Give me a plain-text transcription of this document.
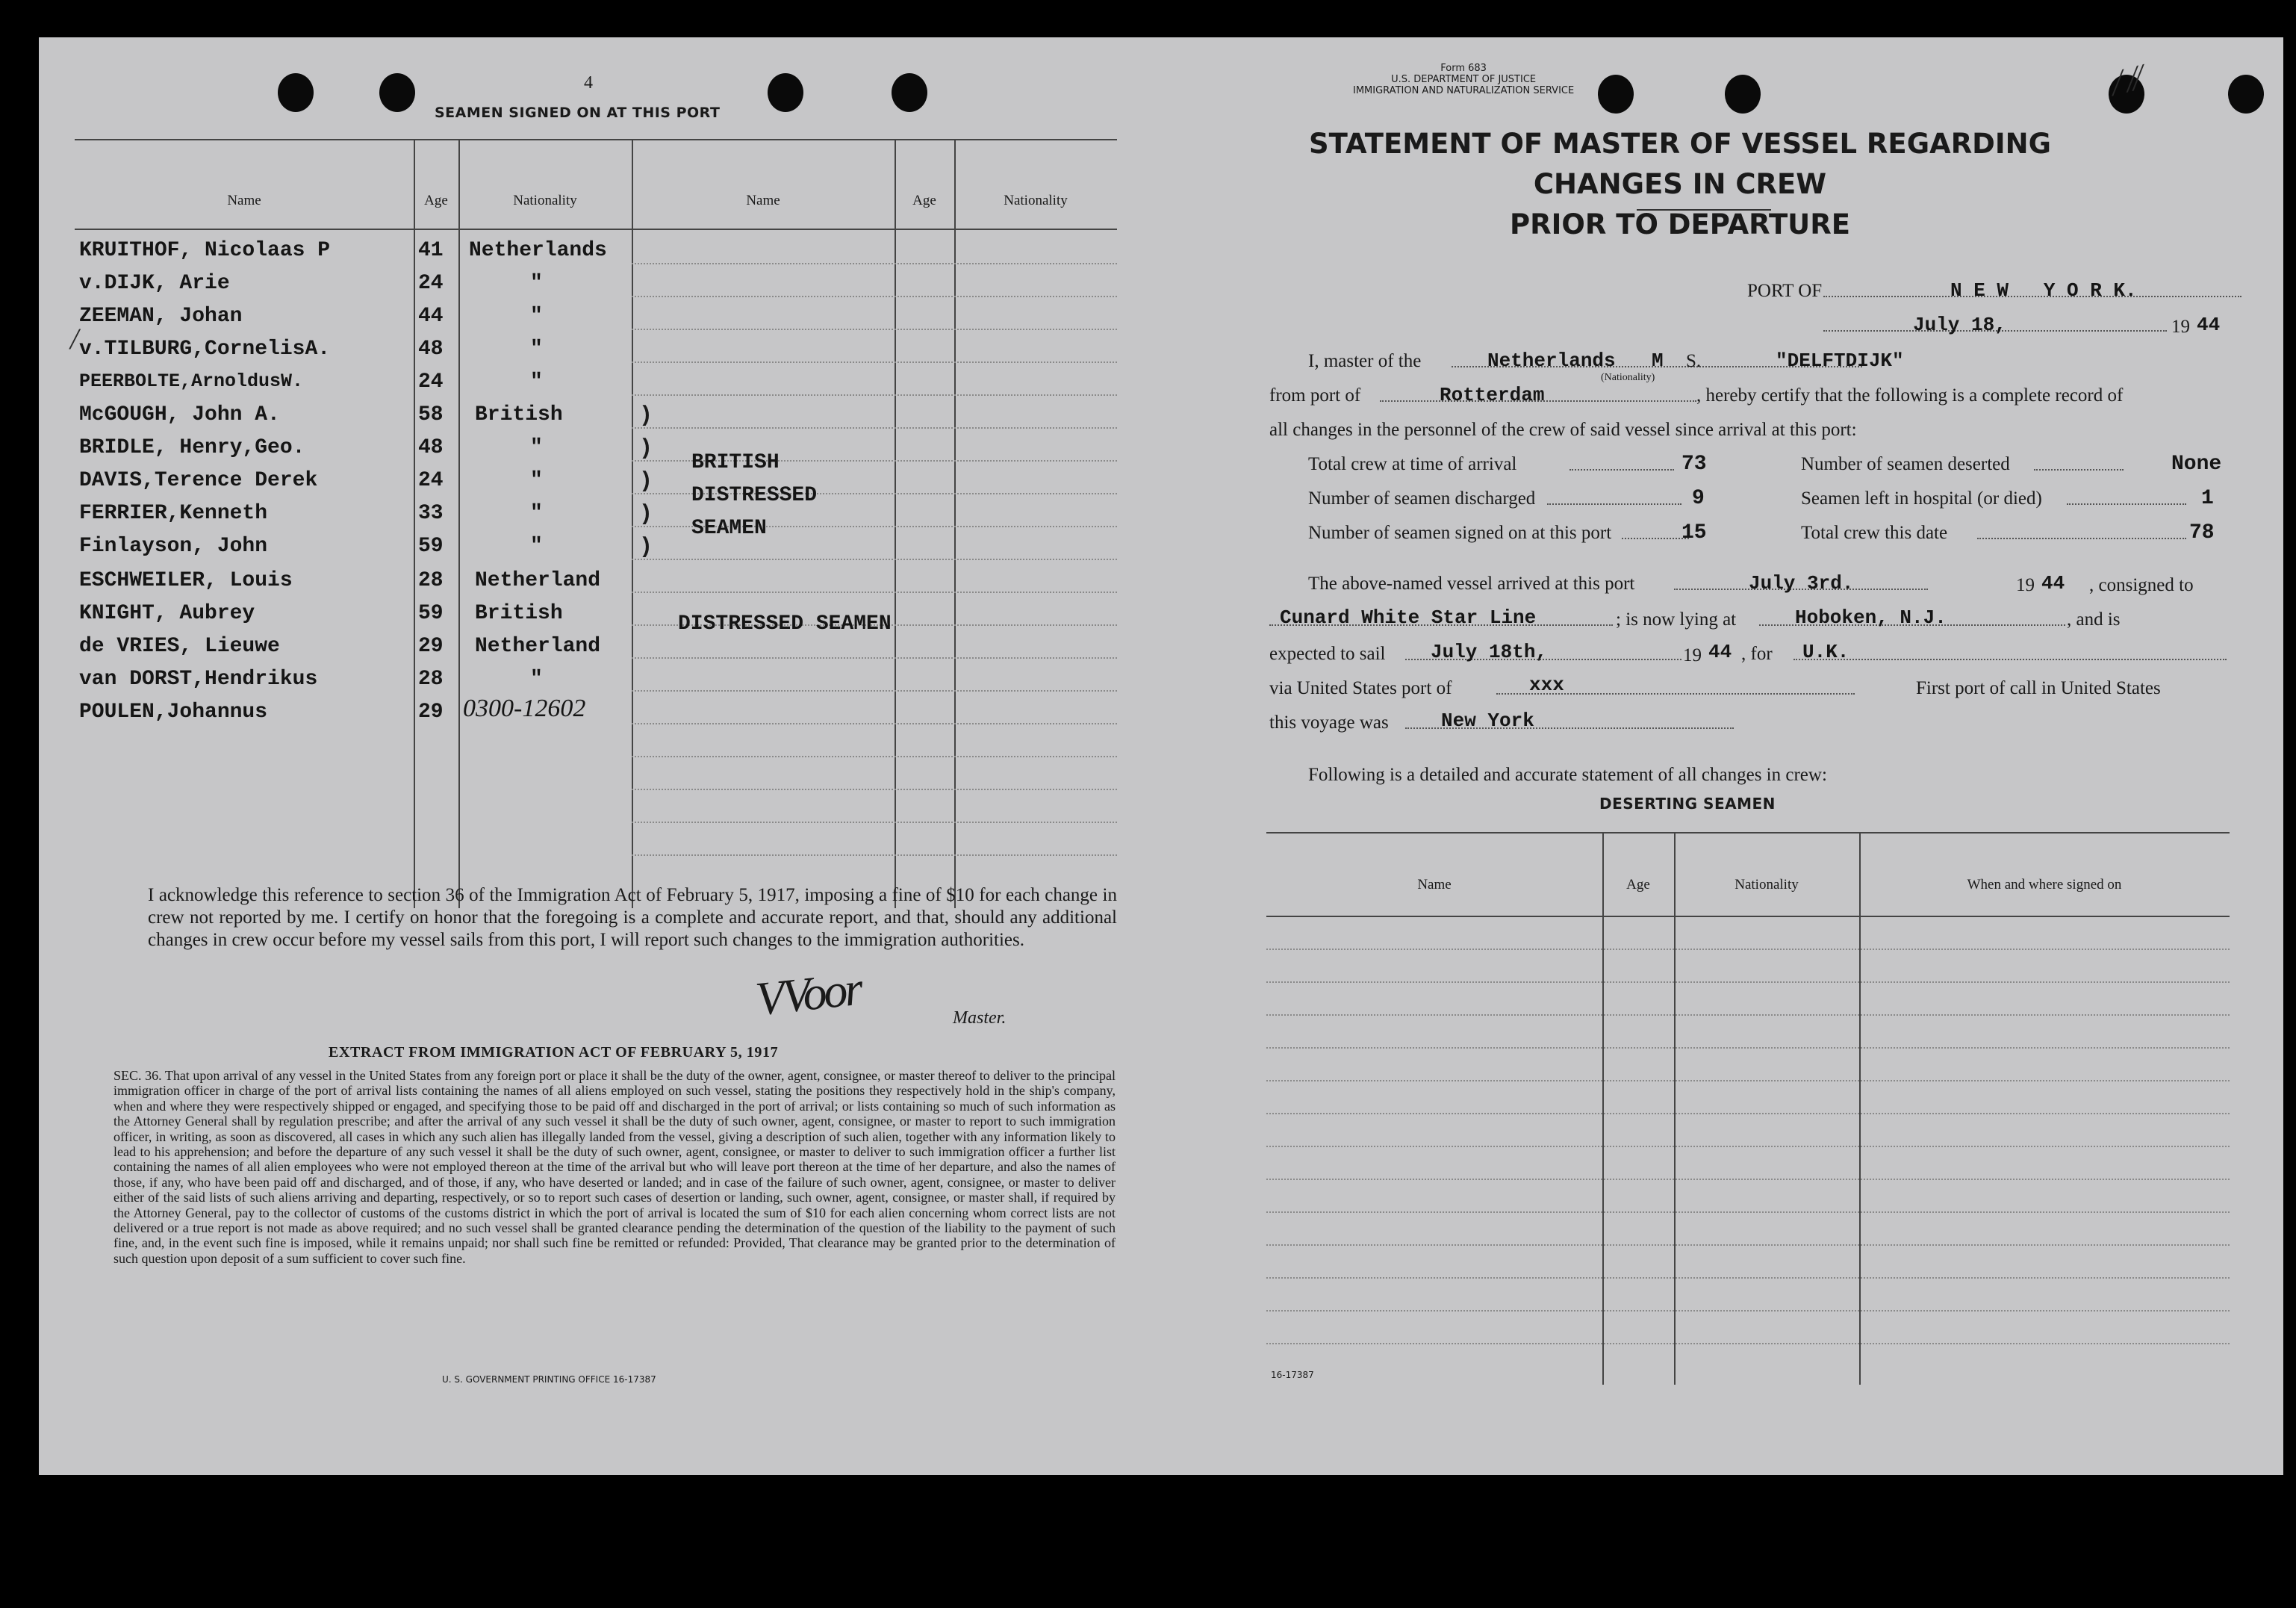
4
SEAMEN SIGNED ON AT THIS PORT
Name	Age	Nationality	Name	Age	Nationality
KRUITHOF, Nicolaas P	41 Netherlands
v.DIJK, Arie	24	"
ZEEMAN, Johan	44	"
v.TILBURG,CornelisA.	48	"
PEERBOLTE,ArnoldusW.	24	"
McGOUGH, John A.	58 British
BRIDLE, Henry,Geo.	48	"
DAVIS,Terence Derek	24	"
FERRIER,Kenneth	33	"
Finlayson, John	59	"
ESCHWEILER, Louis	28 Netherland
KNIGHT, Aubrey	59 British
de VRIES, Lieuwe	29 Netherland
van DORST,Hendrikus	28	"
POULEN,Johannus	29 0300-12602
)
)
)
)
)
BRITISH
DISTRESSED
SEAMEN
DISTRESSED SEAMEN

I acknowledge this reference to section 36 of the Immigration Act of February 5, 1917, imposing a fine of $10 for each change in crew not reported by me. I certify on honor that the foregoing is a complete and accurate report, and that, should any additional changes in crew occur before my vessel sails from this port, I will report such changes to the immigration authorities.

VVoor	Master.
EXTRACT FROM IMMIGRATION ACT OF FEBRUARY 5, 1917

SEC. 36. That upon arrival of any vessel in the United States from any foreign port or place it shall be the duty of the owner, agent, consignee, or master thereof to deliver to the principal immigration officer in charge of the port of arrival lists containing the names of all aliens employed on such vessel, stating the positions they respectively hold in the ship's company, when and where they were respectively shipped or engaged, and specifying those to be paid off and discharged in the port of arrival; or lists containing so much of such information as the Attorney General shall by regulation prescribe; and after the arrival of any such vessel it shall be the duty of such owner, agent, consignee, or master to report to such immigration officer, in writing, as soon as discovered, all cases in which any such alien has illegally landed from the vessel, giving a description of such alien, together with any information likely to lead to his apprehension; and before the departure of any such vessel it shall be the duty of such owner, agent, consignee, or master to deliver to such immigration officer a further list containing the names of all alien employees who were not employed thereon at the time of the arrival but who will leave port thereon at the time of her departure, and also the names of those, if any, who have been paid off and discharged, and of those, if any, who have deserted or landed; and in case of the failure of such owner, agent, consignee, or master to deliver either of the said lists of such aliens arriving and departing, respectively, or so to report such cases of desertion or landing, such owner, agent, consignee, or master shall, if required by the Attorney General, pay to the collector of customs of the customs district in which the port of arrival is located the sum of $10 for each alien concerning whom correct lists are not delivered or a true report is not made as above required; and no such vessel shall be granted clearance pending the determination of the question of the liability to the payment of such fine, and, in the event such fine is imposed, while it remains unpaid; nor shall such fine be remitted or refunded: Provided, That clearance may be granted prior to the determination of such question upon deposit of a sum sufficient to cover such fine.

U. S. GOVERNMENT PRINTING OFFICE 16-17387
Form 683
U.S. DEPARTMENT OF JUSTICE
IMMIGRATION AND NATURALIZATION SERVICE
STATEMENT OF MASTER OF VESSEL REGARDING CHANGES IN CREW
PRIOR TO DEPARTURE
PORT OF	N E W   Y O R K.
July 18,	19 44
I, master of the	Netherlands
(Nationality)
M S.	"DELFTDIJK"
from port of	Rotterdam	, hereby certify that the following is a complete record of
all changes in the personnel of the crew of said vessel since arrival at this port:
Total crew at time of arrival	73
Number of seamen discharged	9
Number of seamen signed on at this port	15
Number of seamen deserted	None
Seamen left in hospital (or died)	1
Total crew this date	78
The above-named vessel arrived at this port	July 3rd.	19 44 , consigned to
Cunard White Star Line	; is now lying at	Hoboken, N.J.	, and is
expected to sail July 18th,	19 44 , for U.K.
via United States port of	xxx	First port of call in United States
this voyage was	New York
Following is a detailed and accurate statement of all changes in crew:
DESERTING SEAMEN
Name	Age	Nationality	When and where signed on
16-17387
/
⁄ ⁄⁄
